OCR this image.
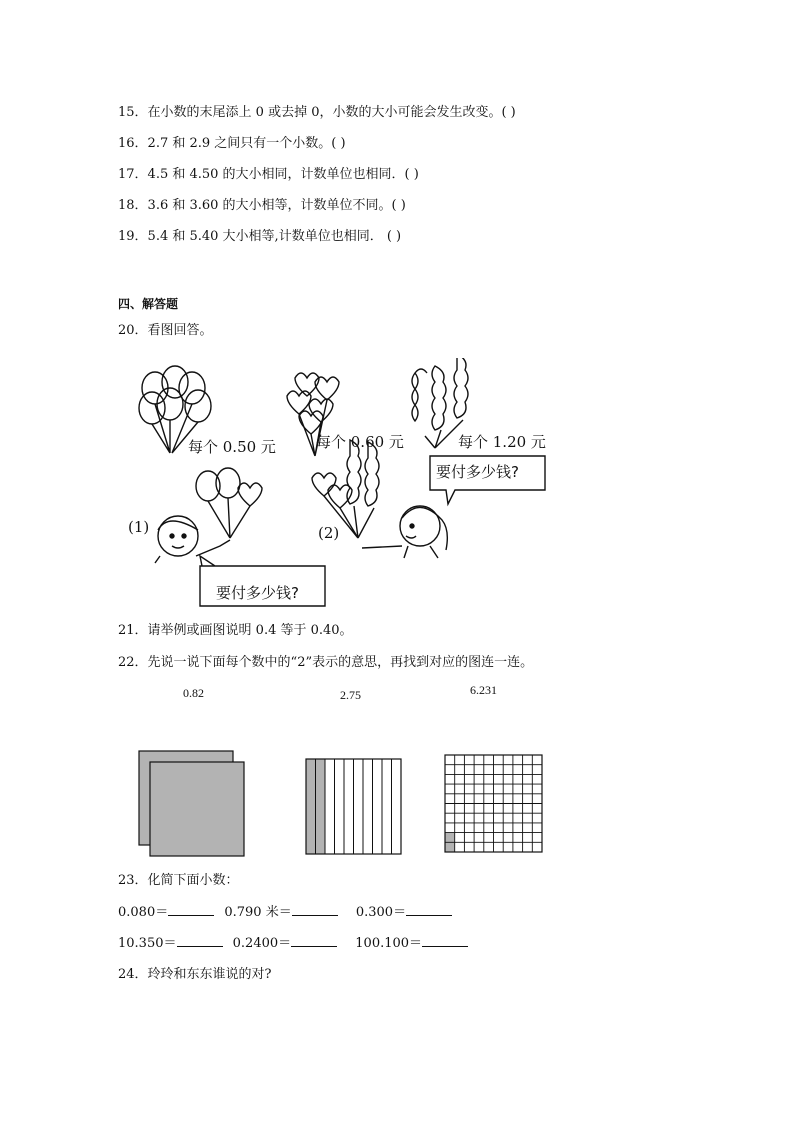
15．在小数的末尾添上 0 或去掉 0，小数的大小可能会发生改变。( )
16．2.7 和 2.9 之间只有一个小数。( )
17．4.5 和 4.50 的大小相同，计数单位也相同．( )
18．3.6 和 3.60 的大小相等，计数单位不同。( )
19．5.4 和 5.40 大小相等,计数单位也相同． ( )
四、解答题
20．看图回答。
每个 0.50 元	每个 0.60 元	每个 1.20 元
(1)	(2)
要付多少钱?
要付多少钱?
21．请举例或画图说明 0.4 等于 0.40。
22．先说一说下面每个数中的“2”表示的意思，再找到对应的图连一连。
0.82	2.75	6.231
23．化简下面小数：
0.080＝	0.790 米＝	0.300＝
10.350＝	0.2400＝	100.100＝
24．玲玲和东东谁说的对?
